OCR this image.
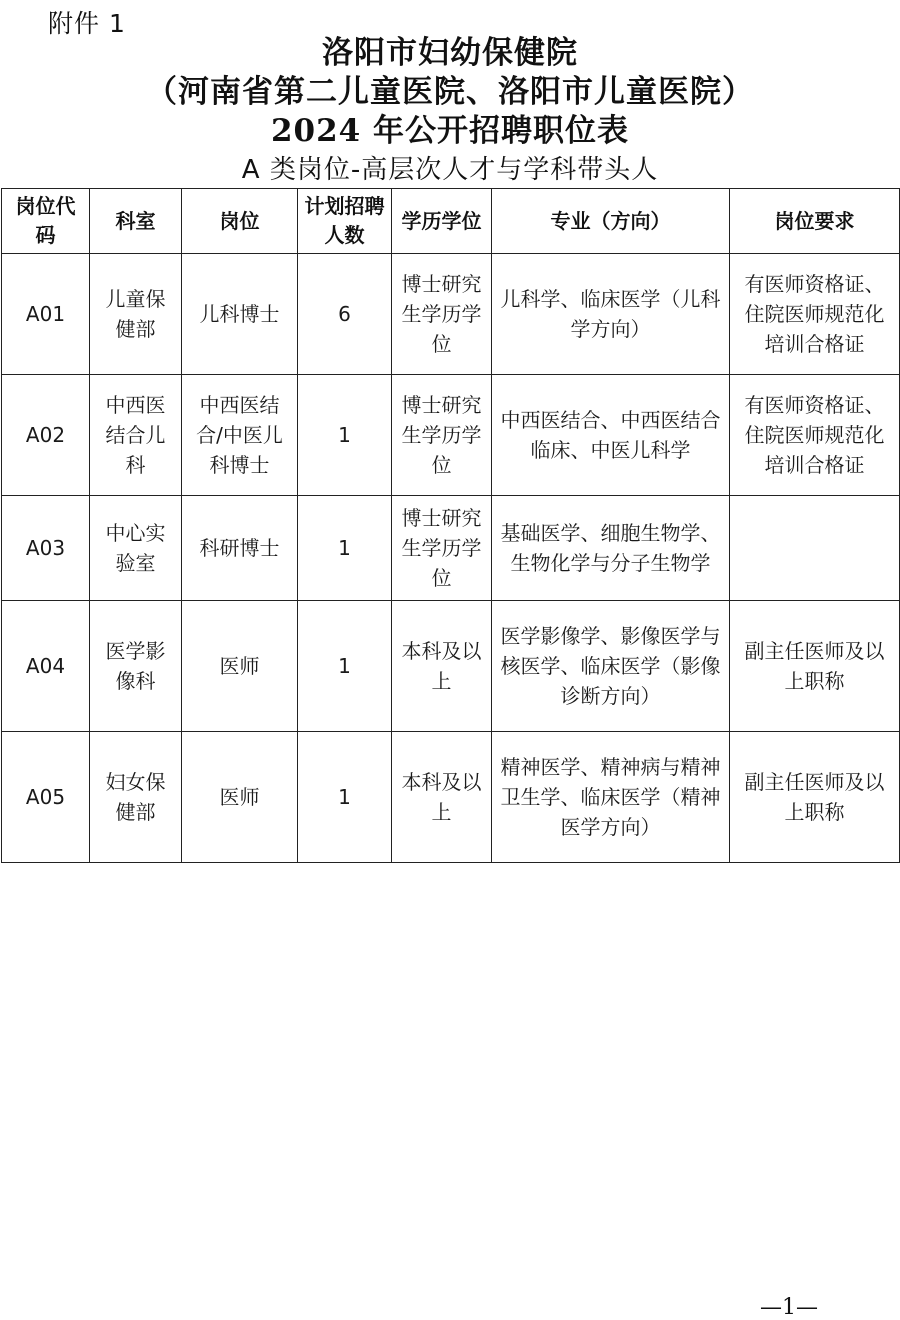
附件 1
洛阳市妇幼保健院
（河南省第二儿童医院、洛阳市儿童医院）
2024 年公开招聘职位表
A 类岗位-高层次人才与学科带头人
岗位代码	科室	岗位	计划招聘人数	学历学位	专业（方向）	岗位要求
A01	儿童保健部	儿科博士	6	博士研究生学历学位	儿科学、临床医学（儿科学方向）	有医师资格证、住院医师规范化培训合格证
A02	中西医结合儿科	中西医结合/中医儿科博士	1	博士研究生学历学位	中西医结合、中西医结合临床、中医儿科学	有医师资格证、住院医师规范化培训合格证
A03	中心实验室	科研博士	1	博士研究生学历学位	基础医学、细胞生物学、生物化学与分子生物学	
A04	医学影像科	医师	1	本科及以上	医学影像学、影像医学与核医学、临床医学（影像诊断方向）	副主任医师及以上职称
A05	妇女保健部	医师	1	本科及以上	精神医学、精神病与精神卫生学、临床医学（精神医学方向）	副主任医师及以上职称
—1—
